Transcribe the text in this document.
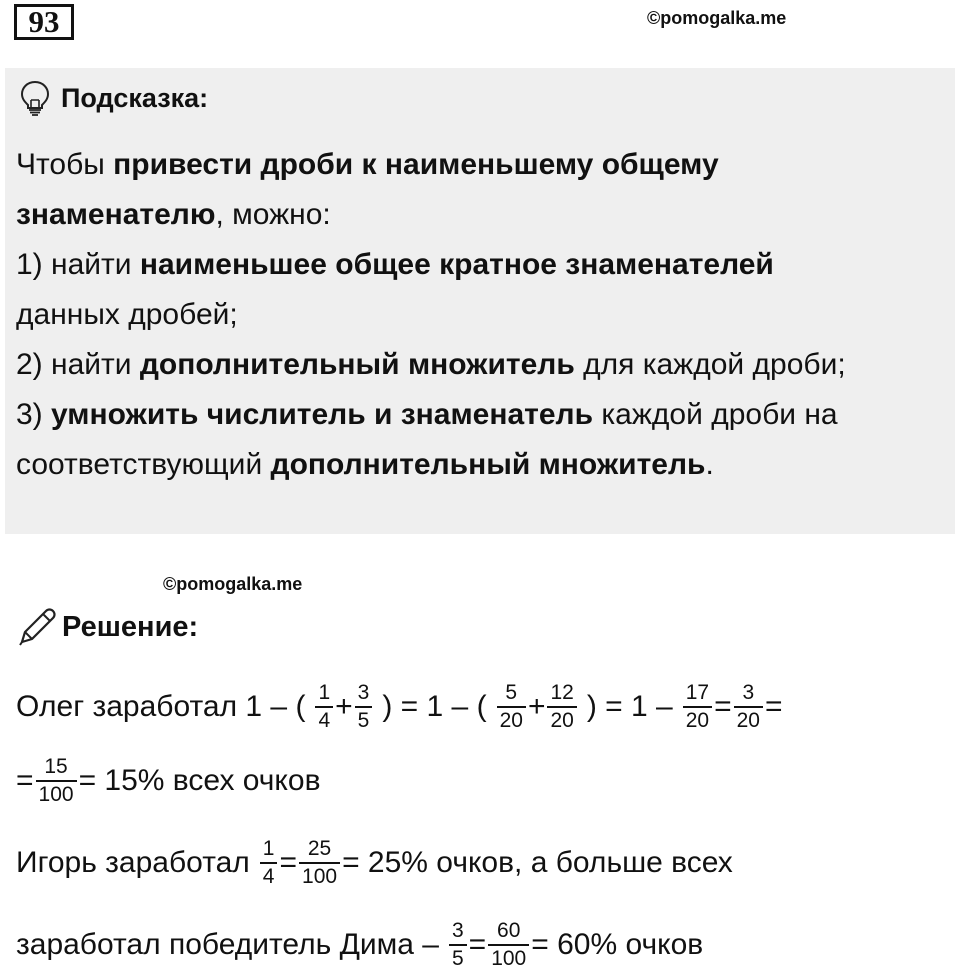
93	©pomogalka.me
Подсказка:
Чтобы привести дроби к наименьшему общему
знаменателю, можно:
1) найти наименьшее общее кратное знаменателей
данных дробей;
2) найти дополнительный множитель для каждой дроби;
3) умножить числитель и знаменатель каждой дроби на
соответствующий дополнительный множитель.
©pomogalka.me
Решение:
Олег заработал 1 – ( $\frac{1}{4} + \frac{3}{5}$ ) = 1 – ( $\frac{5}{20} + \frac{12}{20}$ ) = $1 - \frac{17}{20} = \frac{3}{20}$ =
= $\frac{15}{100} = 15\%$ всех очков
Игорь заработал $\frac{1}{4} = \frac{25}{100} = 25\%$ очков, а больше всех
заработал победитель Дима – $\frac{3}{5} = \frac{60}{100} = 60\%$ очков
